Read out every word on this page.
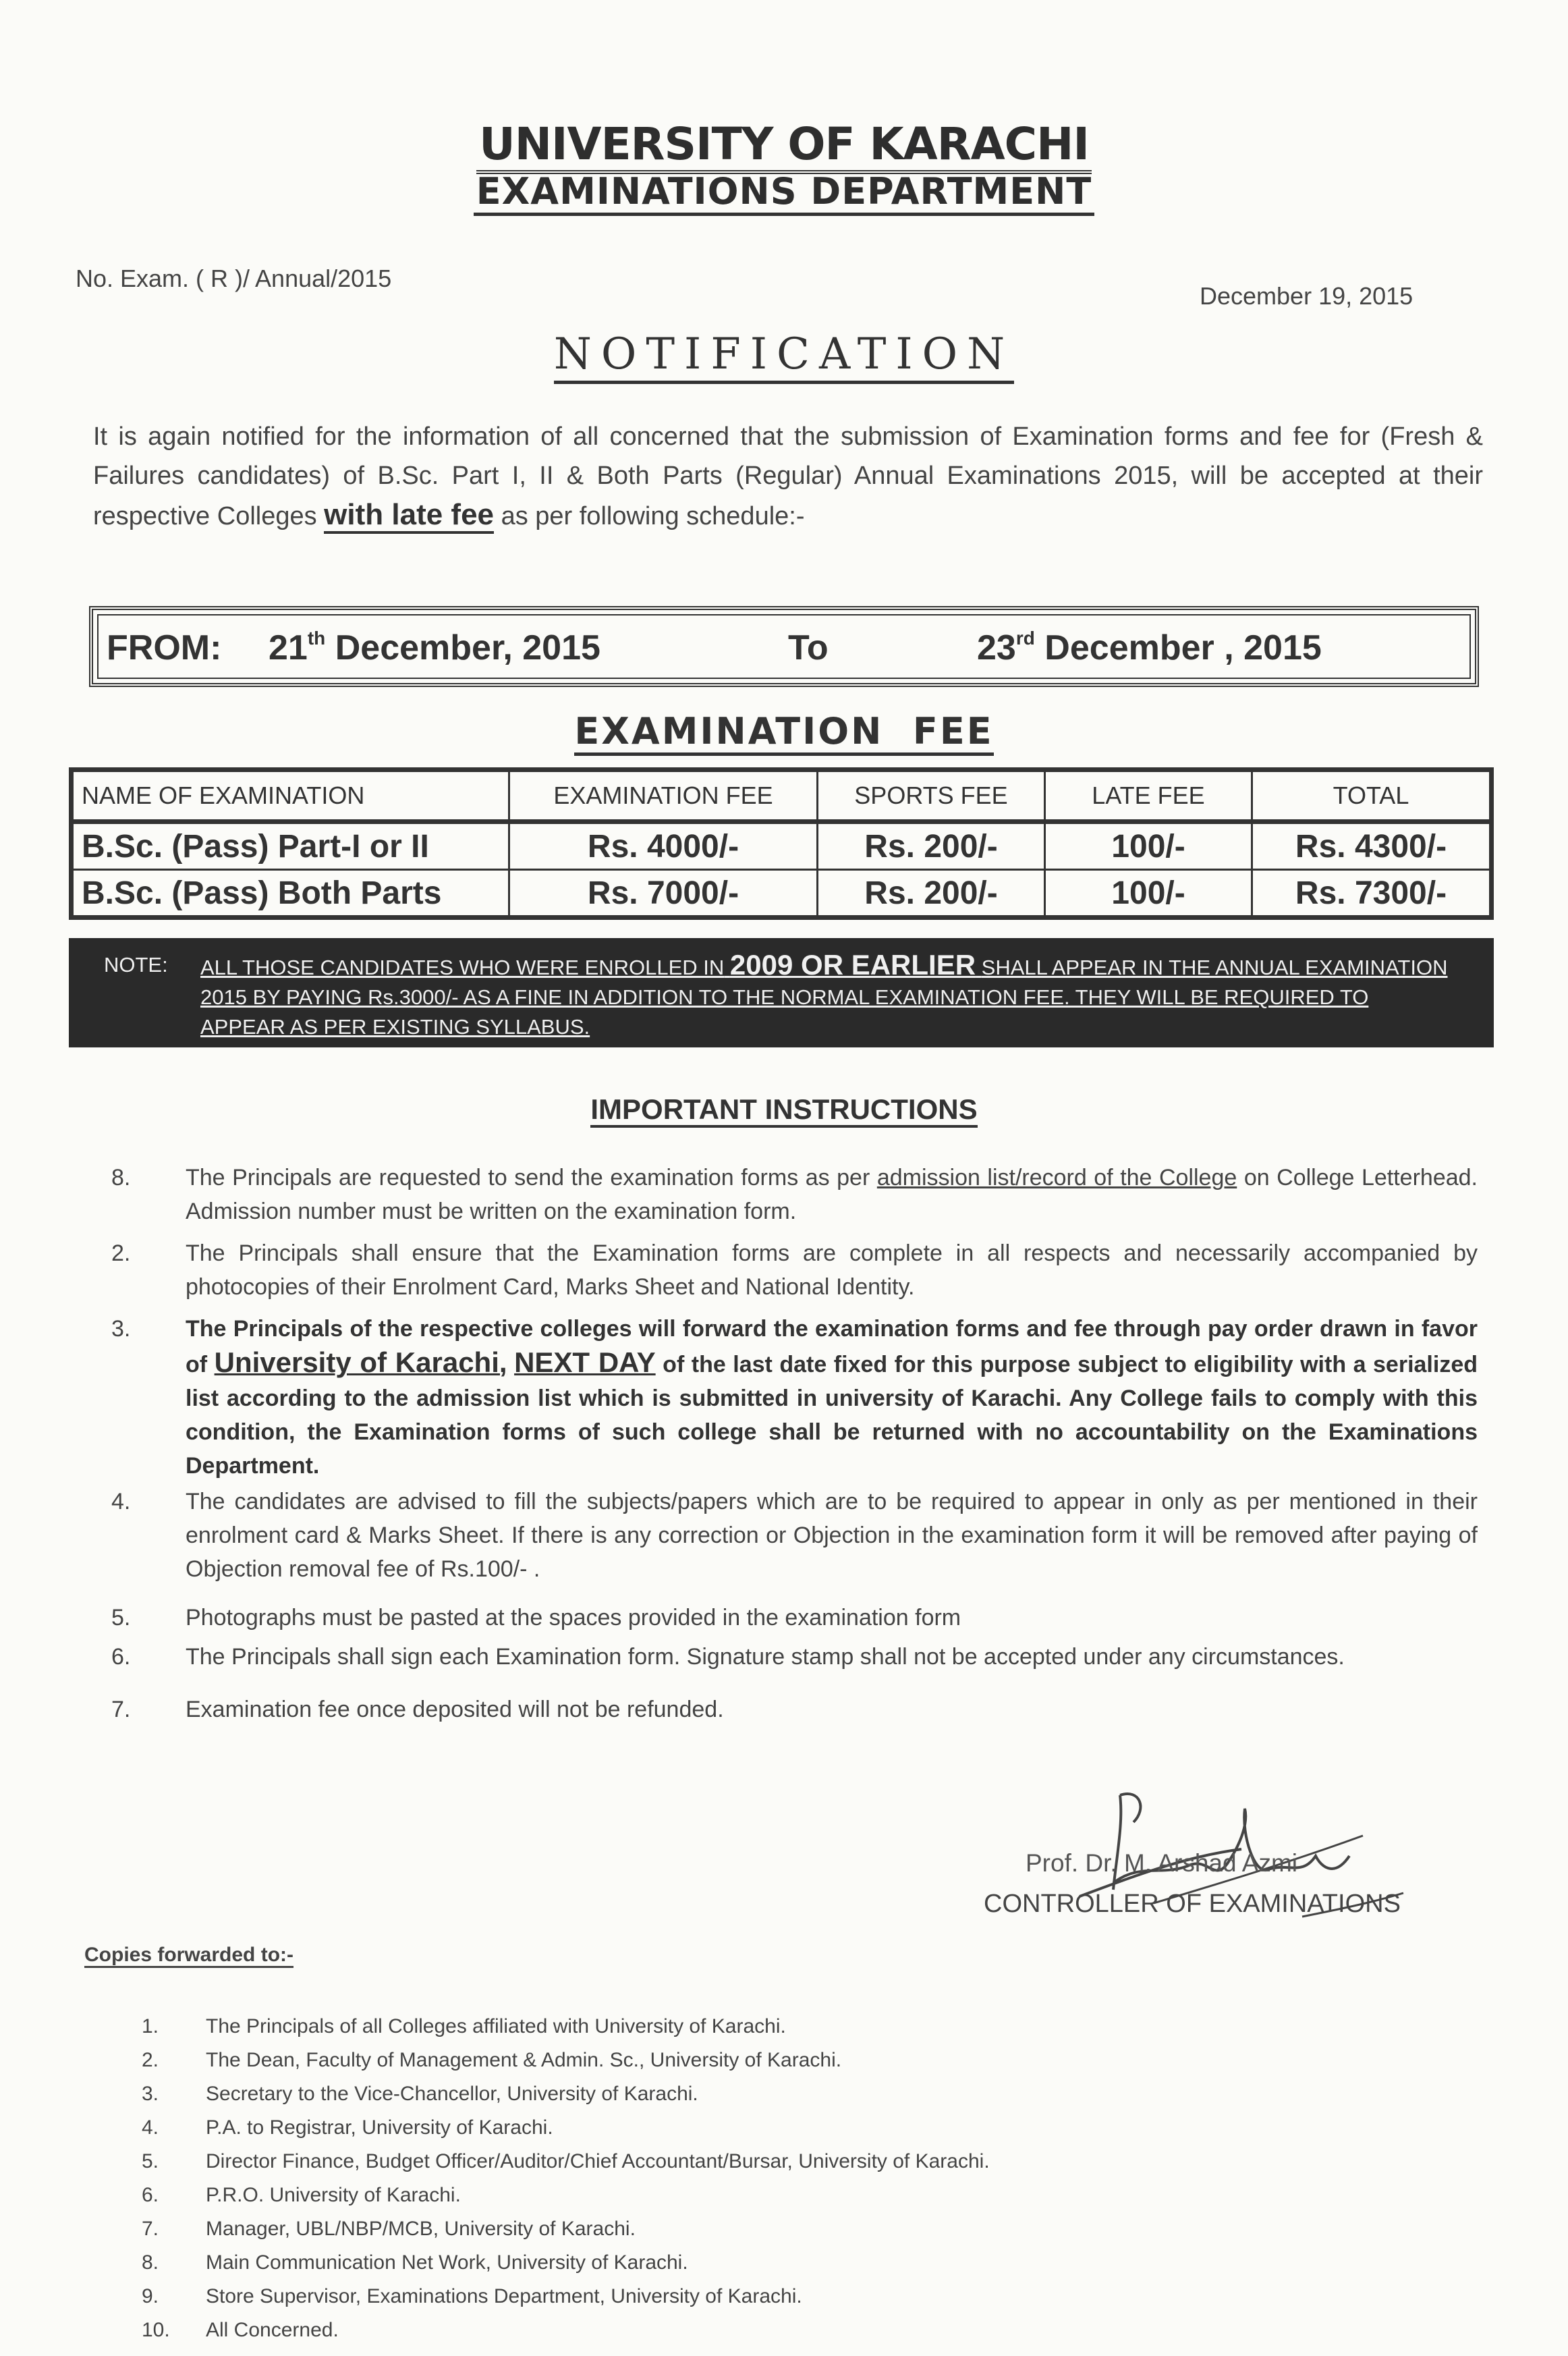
UNIVERSITY OF KARACHI
EXAMINATIONS DEPARTMENT
No. Exam. ( R )/ Annual/2015
December 19, 2015
NOTIFICATION
It is again notified for the information of all concerned that the submission of Examination forms and fee for (Fresh & Failures candidates) of B.Sc. Part I, II & Both Parts (Regular) Annual Examinations 2015, will be accepted at their respective Colleges with late fee as per following schedule:-
FROM: 21th December, 2015	To	23rd December , 2015
EXAMINATION  FEE
NAME OF EXAMINATION	EXAMINATION FEE	SPORTS FEE	LATE FEE	TOTAL
B.Sc. (Pass) Part-I or II	Rs. 4000/-	Rs. 200/-	100/-	Rs. 4300/-
B.Sc. (Pass) Both Parts	Rs. 7000/-	Rs. 200/-	100/-	Rs. 7300/-
NOTE: ALL THOSE CANDIDATES WHO WERE ENROLLED IN 2009 OR EARLIER SHALL APPEAR IN THE ANNUAL EXAMINATION 2015 BY PAYING Rs.3000/- AS A FINE IN ADDITION TO THE NORMAL EXAMINATION FEE. THEY WILL BE REQUIRED TO APPEAR AS PER EXISTING SYLLABUS.
IMPORTANT INSTRUCTIONS
8. The Principals are requested to send the examination forms as per admission list/record of the College on College Letterhead. Admission number must be written on the examination form.
2. The Principals shall ensure that the Examination forms are complete in all respects and necessarily accompanied by photocopies of their Enrolment Card, Marks Sheet and National Identity.
3. The Principals of the respective colleges will forward the examination forms and fee through pay order drawn in favor of University of Karachi, NEXT DAY of the last date fixed for this purpose subject to eligibility with a serialized list according to the admission list which is submitted in university of Karachi. Any College fails to comply with this condition, the Examination forms of such college shall be returned with no accountability on the Examinations Department.
4. The candidates are advised to fill the subjects/papers which are to be required to appear in only as per mentioned in their enrolment card & Marks Sheet. If there is any correction or Objection in the examination form it will be removed after paying of Objection removal fee of Rs.100/- .
5. Photographs must be pasted at the spaces provided in the examination form
6. The Principals shall sign each Examination form. Signature stamp shall not be accepted under any circumstances.
7. Examination fee once deposited will not be refunded.
Prof. Dr. M. Arshad Azmi
CONTROLLER OF EXAMINATIONS
Copies forwarded to:-
1. The Principals of all Colleges affiliated with University of Karachi.
2. The Dean, Faculty of Management & Admin. Sc., University of Karachi.
3. Secretary to the Vice-Chancellor, University of Karachi.
4. P.A. to Registrar, University of Karachi.
5. Director Finance, Budget Officer/Auditor/Chief Accountant/Bursar, University of Karachi.
6. P.R.O. University of Karachi.
7. Manager, UBL/NBP/MCB, University of Karachi.
8. Main Communication Net Work, University of Karachi.
9. Store Supervisor, Examinations Department, University of Karachi.
10. All Concerned.
